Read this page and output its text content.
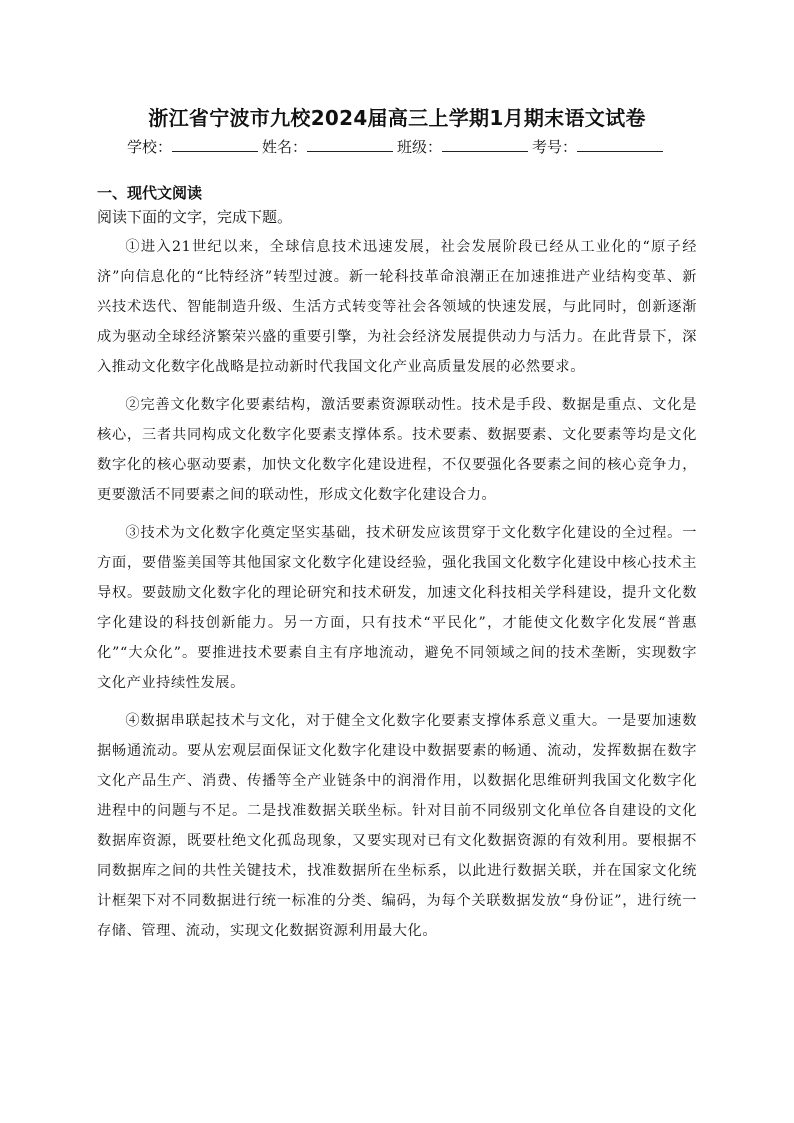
浙江省宁波市九校2024届高三上学期1月期末语文试卷
学校：	姓名：	班级：	考号：
一、现代文阅读
阅读下面的文字，完成下题。

①进入21世纪以来，全球信息技术迅速发展，社会发展阶段已经从工业化的“原子经济”向信息化的“比特经济”转型过渡。新一轮科技革命浪潮正在加速推进产业结构变革、新兴技术迭代、智能制造升级、生活方式转变等社会各领域的快速发展，与此同时，创新逐渐成为驱动全球经济繁荣兴盛的重要引擎，为社会经济发展提供动力与活力。在此背景下，深入推动文化数字化战略是拉动新时代我国文化产业高质量发展的必然要求。

②完善文化数字化要素结构，激活要素资源联动性。技术是手段、数据是重点、文化是核心，三者共同构成文化数字化要素支撑体系。技术要素、数据要素、文化要素等均是文化数字化的核心驱动要素，加快文化数字化建设进程，不仅要强化各要素之间的核心竞争力，更要激活不同要素之间的联动性，形成文化数字化建设合力。

③技术为文化数字化奠定坚实基础，技术研发应该贯穿于文化数字化建设的全过程。一方面，要借鉴美国等其他国家文化数字化建设经验，强化我国文化数字化建设中核心技术主导权。要鼓励文化数字化的理论研究和技术研发，加速文化科技相关学科建设，提升文化数字化建设的科技创新能力。另一方面，只有技术“平民化”，才能使文化数字化发展“普惠化”“大众化”。要推进技术要素自主有序地流动，避免不同领域之间的技术垄断，实现数字文化产业持续性发展。

④数据串联起技术与文化，对于健全文化数字化要素支撑体系意义重大。一是要加速数据畅通流动。要从宏观层面保证文化数字化建设中数据要素的畅通、流动，发挥数据在数字文化产品生产、消费、传播等全产业链条中的润滑作用，以数据化思维研判我国文化数字化进程中的问题与不足。二是找准数据关联坐标。针对目前不同级别文化单位各自建设的文化数据库资源，既要杜绝文化孤岛现象，又要实现对已有文化数据资源的有效利用。要根据不同数据库之间的共性关键技术，找准数据所在坐标系，以此进行数据关联，并在国家文化统计框架下对不同数据进行统一标准的分类、编码，为每个关联数据发放“身份证”，进行统一存储、管理、流动，实现文化数据资源利用最大化。
